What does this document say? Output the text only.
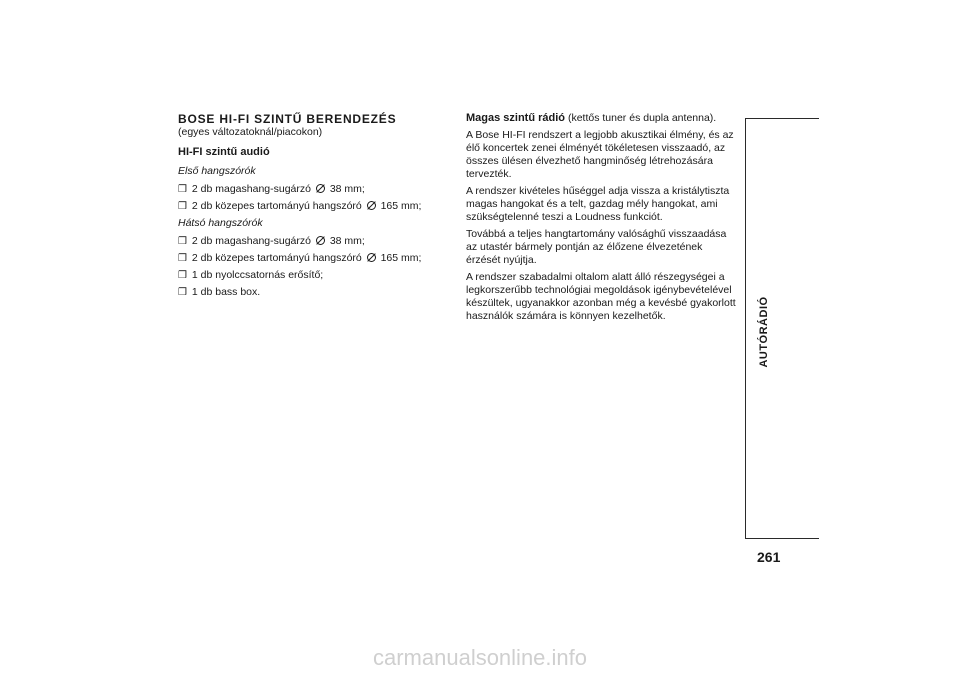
BOSE HI-FI SZINTŰ BERENDEZÉS
(egyes változatoknál/piacokon)
HI-FI szintű audió
Első hangszórók
❒ 2 db magashang-sugárzó 38 mm;
❒ 2 db közepes tartományú hangszóró 165 mm;
Hátsó hangszórók
❒ 2 db magashang-sugárzó 38 mm;
❒ 2 db közepes tartományú hangszóró 165 mm;
❒ 1 db nyolccsatornás erősítő;
❒ 1 db bass box.

Magas szintű rádió (kettős tuner és dupla antenna).

A Bose HI-FI rendszert a legjobb akusztikai élmény, és az élő koncertek zenei élményét tökéletesen visszaadó, az összes ülésen élvezhető hangminőség létrehozására tervezték.

A rendszer kivételes hűséggel adja vissza a kristálytiszta magas hangokat és a telt, gazdag mély hangokat, ami szükségtelenné teszi a Loudness funkciót.

Továbbá a teljes hangtartomány valósághű visszaadása az utastér bármely pontján az élőzene élvezetének érzését nyújtja.

A rendszer szabadalmi oltalom alatt álló részegységei a legkorszerűbb technológiai megoldások igénybevételével készültek, ugyanakkor azonban még a kevésbé gyakorlott használók számára is könnyen kezelhetők.	AUTÓRÁDIÓ
261
carmanualsonline.info
